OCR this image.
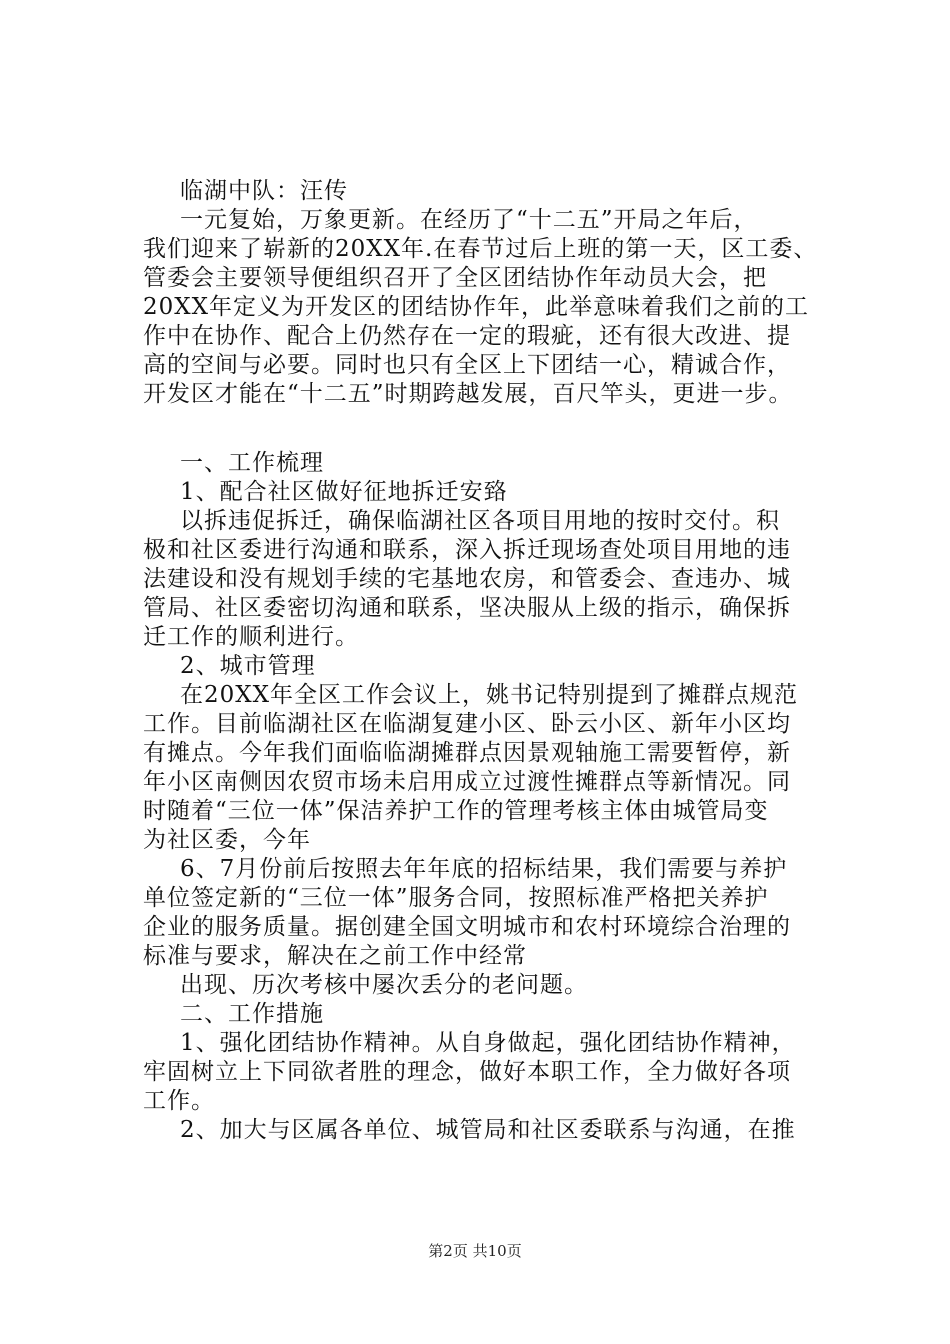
临湖中队：汪传
一元复始，万象更新。在经历了“十二五”开局之年后，
我们迎来了崭新的20XX年.在春节过后上班的第一天，区工委、
管委会主要领导便组织召开了全区团结协作年动员大会，把
20XX年定义为开发区的团结协作年，此举意味着我们之前的工
作中在协作、配合上仍然存在一定的瑕疵，还有很大改进、提
高的空间与必要。同时也只有全区上下团结一心，精诚合作，
开发区才能在“十二五”时期跨越发展，百尺竿头，更进一步。
一、工作梳理
1、配合社区做好征地拆迁安臵
以拆违促拆迁，确保临湖社区各项目用地的按时交付。积
极和社区委进行沟通和联系，深入拆迁现场查处项目用地的违
法建设和没有规划手续的宅基地农房，和管委会、查违办、城
管局、社区委密切沟通和联系，坚决服从上级的指示，确保拆
迁工作的顺利进行。
2、城市管理
在20XX年全区工作会议上，姚书记特别提到了摊群点规范
工作。目前临湖社区在临湖复建小区、卧云小区、新年小区均
有摊点。今年我们面临临湖摊群点因景观轴施工需要暂停，新
年小区南侧因农贸市场未启用成立过渡性摊群点等新情况。同
时随着“三位一体”保洁养护工作的管理考核主体由城管局变
为社区委，今年
6、7月份前后按照去年年底的招标结果，我们需要与养护
单位签定新的“三位一体”服务合同，按照标准严格把关养护
企业的服务质量。据创建全国文明城市和农村环境综合治理的
标准与要求，解决在之前工作中经常
出现、历次考核中屡次丢分的老问题。
二、工作措施
1、强化团结协作精神。从自身做起，强化团结协作精神，
牢固树立上下同欲者胜的理念，做好本职工作，全力做好各项
工作。
2、加大与区属各单位、城管局和社区委联系与沟通，在推
第2页 共10页
